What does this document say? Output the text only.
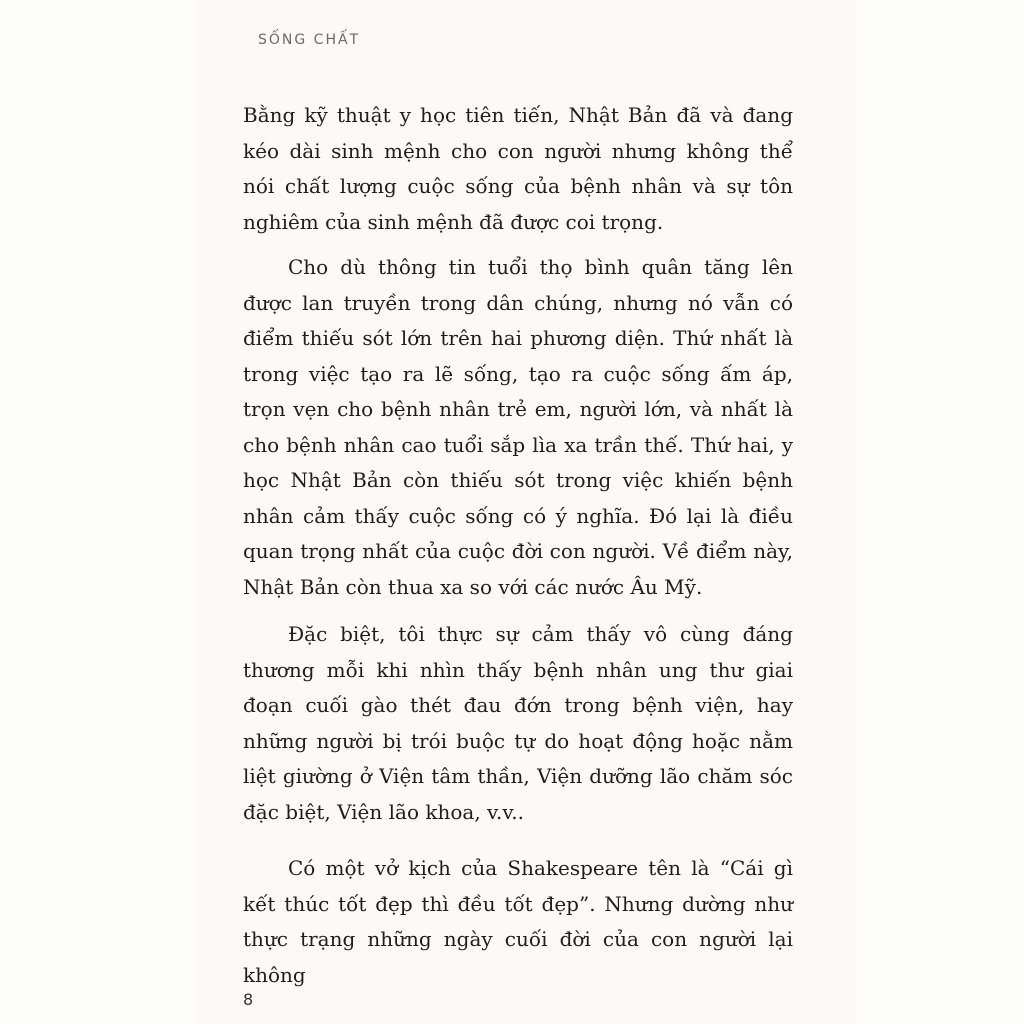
SỐNG CHẤT

Bằng kỹ thuật y học tiên tiến, Nhật Bản đã và đang kéo dài sinh mệnh cho con người nhưng không thể nói chất lượng cuộc sống của bệnh nhân và sự tôn nghiêm của sinh mệnh đã được coi trọng.

Cho dù thông tin tuổi thọ bình quân tăng lên được lan truyền trong dân chúng, nhưng nó vẫn có điểm thiếu sót lớn trên hai phương diện. Thứ nhất là trong việc tạo ra lẽ sống, tạo ra cuộc sống ấm áp, trọn vẹn cho bệnh nhân trẻ em, người lớn, và nhất là cho bệnh nhân cao tuổi sắp lìa xa trần thế. Thứ hai, y học Nhật Bản còn thiếu sót trong việc khiến bệnh nhân cảm thấy cuộc sống có ý nghĩa. Đó lại là điều quan trọng nhất của cuộc đời con người. Về điểm này, Nhật Bản còn thua xa so với các nước Âu Mỹ.

Đặc biệt, tôi thực sự cảm thấy vô cùng đáng thương mỗi khi nhìn thấy bệnh nhân ung thư giai đoạn cuối gào thét đau đớn trong bệnh viện, hay những người bị trói buộc tự do hoạt động hoặc nằm liệt giường ở Viện tâm thần, Viện dưỡng lão chăm sóc đặc biệt, Viện lão khoa, v.v..

Có một vở kịch của Shakespeare tên là “Cái gì kết thúc tốt đẹp thì đều tốt đẹp”. Nhưng dường như thực trạng những ngày cuối đời của con người lại không

8
